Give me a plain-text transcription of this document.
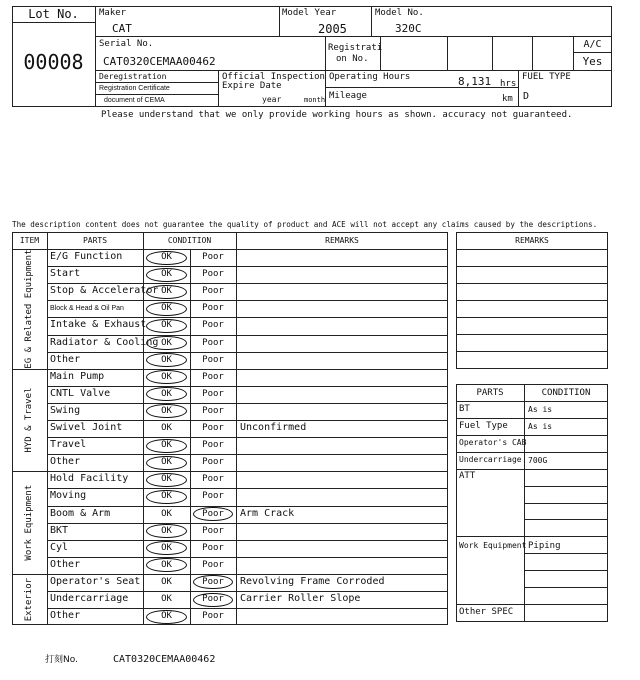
Lot No.
00008
Maker
CAT
Model Year
2005
Model No.
320C
Serial No.
CAT0320CEMAA00462
Registrati
on No.
A/C
Yes
Deregistration
Registration Certificate
document of CEMA
Official Inspection
Expire Date
year	month
Operating Hours	8,131 hrs
Mileage	km
FUEL TYPE
D
Please understand that we only provide working hours as shown. accuracy not guaranteed.
The description content does not guarantee the quality of product and ACE will not accept any claims caused by the descriptions.
ITEM	PARTS	CONDITION	REMARKS
EG & Related Equipment	E/G Function	OK	Poor
Start	OK	Poor
Stop & Accelerator OK	Poor
Block & Head & Oil Pan	OK	Poor
Intake & Exhaust	OK	Poor
Radiator & Cooling OK	Poor
Other	OK	Poor
HYD & Travel
Main Pump	OK	Poor
CNTL Valve	OK	Poor
Swing	OK	Poor
Swivel Joint	OK	Poor	Unconfirmed
Travel	OK	Poor
Other	OK	Poor
Work Equipment
Hold Facility	OK	Poor
Moving	OK	Poor
Boom & Arm	OK	Poor	Arm Crack
BKT	OK	Poor
Cyl	OK	Poor
Other	OK	Poor
Exterior	Operator's Seat	OK	Poor	Revolving Frame Corroded
Undercarriage	OK	Poor	Carrier Roller Slope
Other	OK	Poor
REMARKS
PARTS	CONDITION
BT	As is
Fuel Type	As is
Operator's CAB
Undercarriage 700G
ATT
Work Equipment Piping
Other SPEC
打刻No.	CAT0320CEMAA00462
